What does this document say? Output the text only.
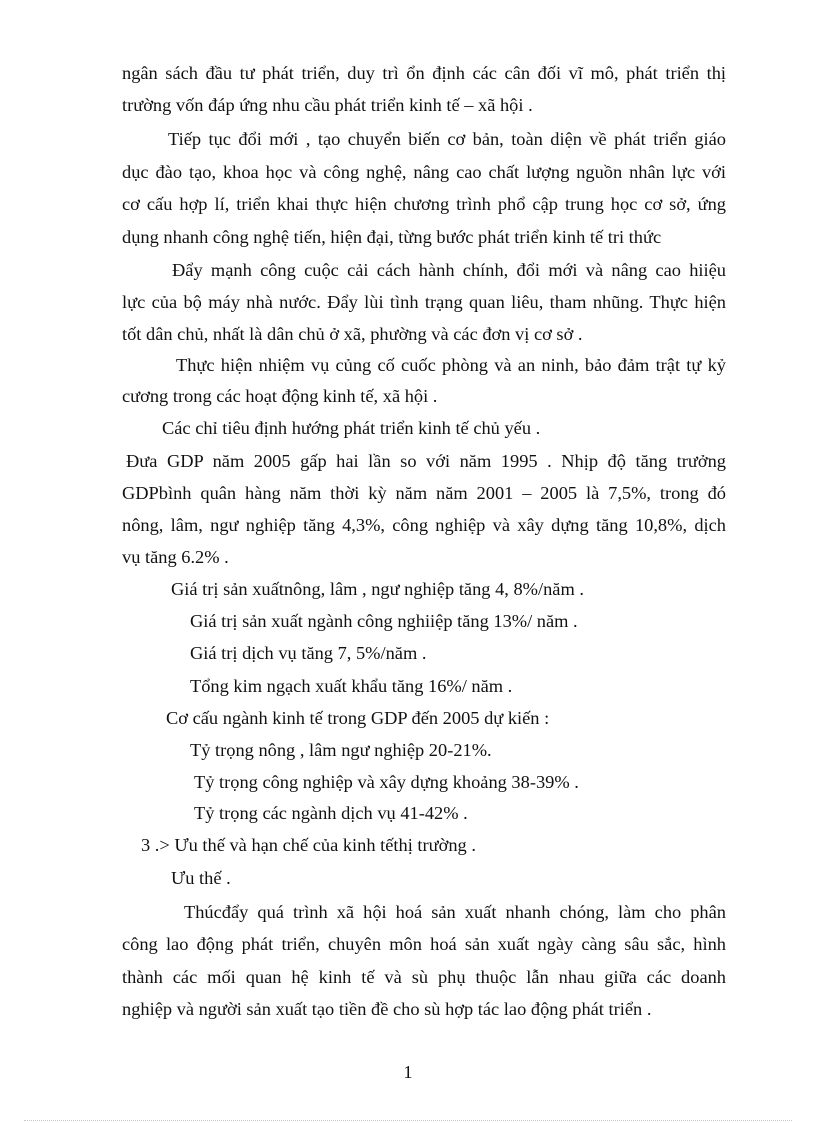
ngân sách đầu tư phát triển, duy trì ổn định các cân đối vĩ mô, phát triển thị
trường vốn đáp ứng nhu cầu phát triển kinh tế – xã hội .
Tiếp tục đổi mới , tạo chuyển biến cơ bản, toàn diện về phát triển giáo
dục đào tạo, khoa học và công nghệ, nâng cao chất lượng nguồn nhân lực với
cơ cấu hợp lí, triển khai thực hiện chương trình phổ cập trung học cơ sở, ứng
dụng nhanh công nghệ tiến, hiện đại, từng bước phát triển kinh tế tri thức
Đẩy mạnh công cuộc cải cách hành chính, đổi mới và nâng cao hiiệu
lực của bộ máy nhà nước. Đẩy lùi tình trạng quan liêu, tham nhũng. Thực hiện
tốt dân chủ, nhất là dân chủ ở xã, phường và các đơn vị cơ sở .
Thực hiện nhiệm vụ củng cố cuốc phòng và an ninh, bảo đảm trật tự kỷ
cương trong các hoạt động kinh tế, xã hội .
Các chỉ tiêu định hướng phát triển kinh tế chủ yếu .
Đưa GDP năm 2005 gấp hai lần so với năm 1995 . Nhịp độ tăng trưởng
GDPbình quân hàng năm thời kỳ năm năm 2001 – 2005 là 7,5%, trong đó
nông, lâm, ngư nghiệp tăng 4,3%, công nghiệp và xây dựng tăng 10,8%, dịch
vụ tăng 6.2% .
Giá trị sản xuấtnông, lâm , ngư nghiệp tăng 4, 8%/năm .
Giá trị sản xuất ngành công nghiiệp tăng 13%/ năm .
Giá trị dịch vụ tăng 7, 5%/năm .
Tổng kim ngạch xuất khẩu tăng 16%/ năm .
Cơ cấu ngành kinh tế trong GDP đến 2005 dự kiến :
Tỷ trọng nông , lâm ngư nghiệp 20-21%.
Tỷ trọng công nghiệp và xây dựng khoảng 38-39% .
Tỷ trọng các ngành dịch vụ 41-42% .
3 .> Ưu thế và hạn chế của kinh tếthị trường .
Ưu thế .
Thúcđẩy quá trình xã hội hoá sản xuất nhanh chóng, làm cho phân
công lao động phát triển, chuyên môn hoá sản xuất ngày càng sâu sắc, hình
thành các mối quan hệ kinh tế và sù phụ thuộc lẫn nhau giữa các doanh
nghiệp và người sản xuất tạo tiền đề cho sù hợp tác lao động phát triển .
1
